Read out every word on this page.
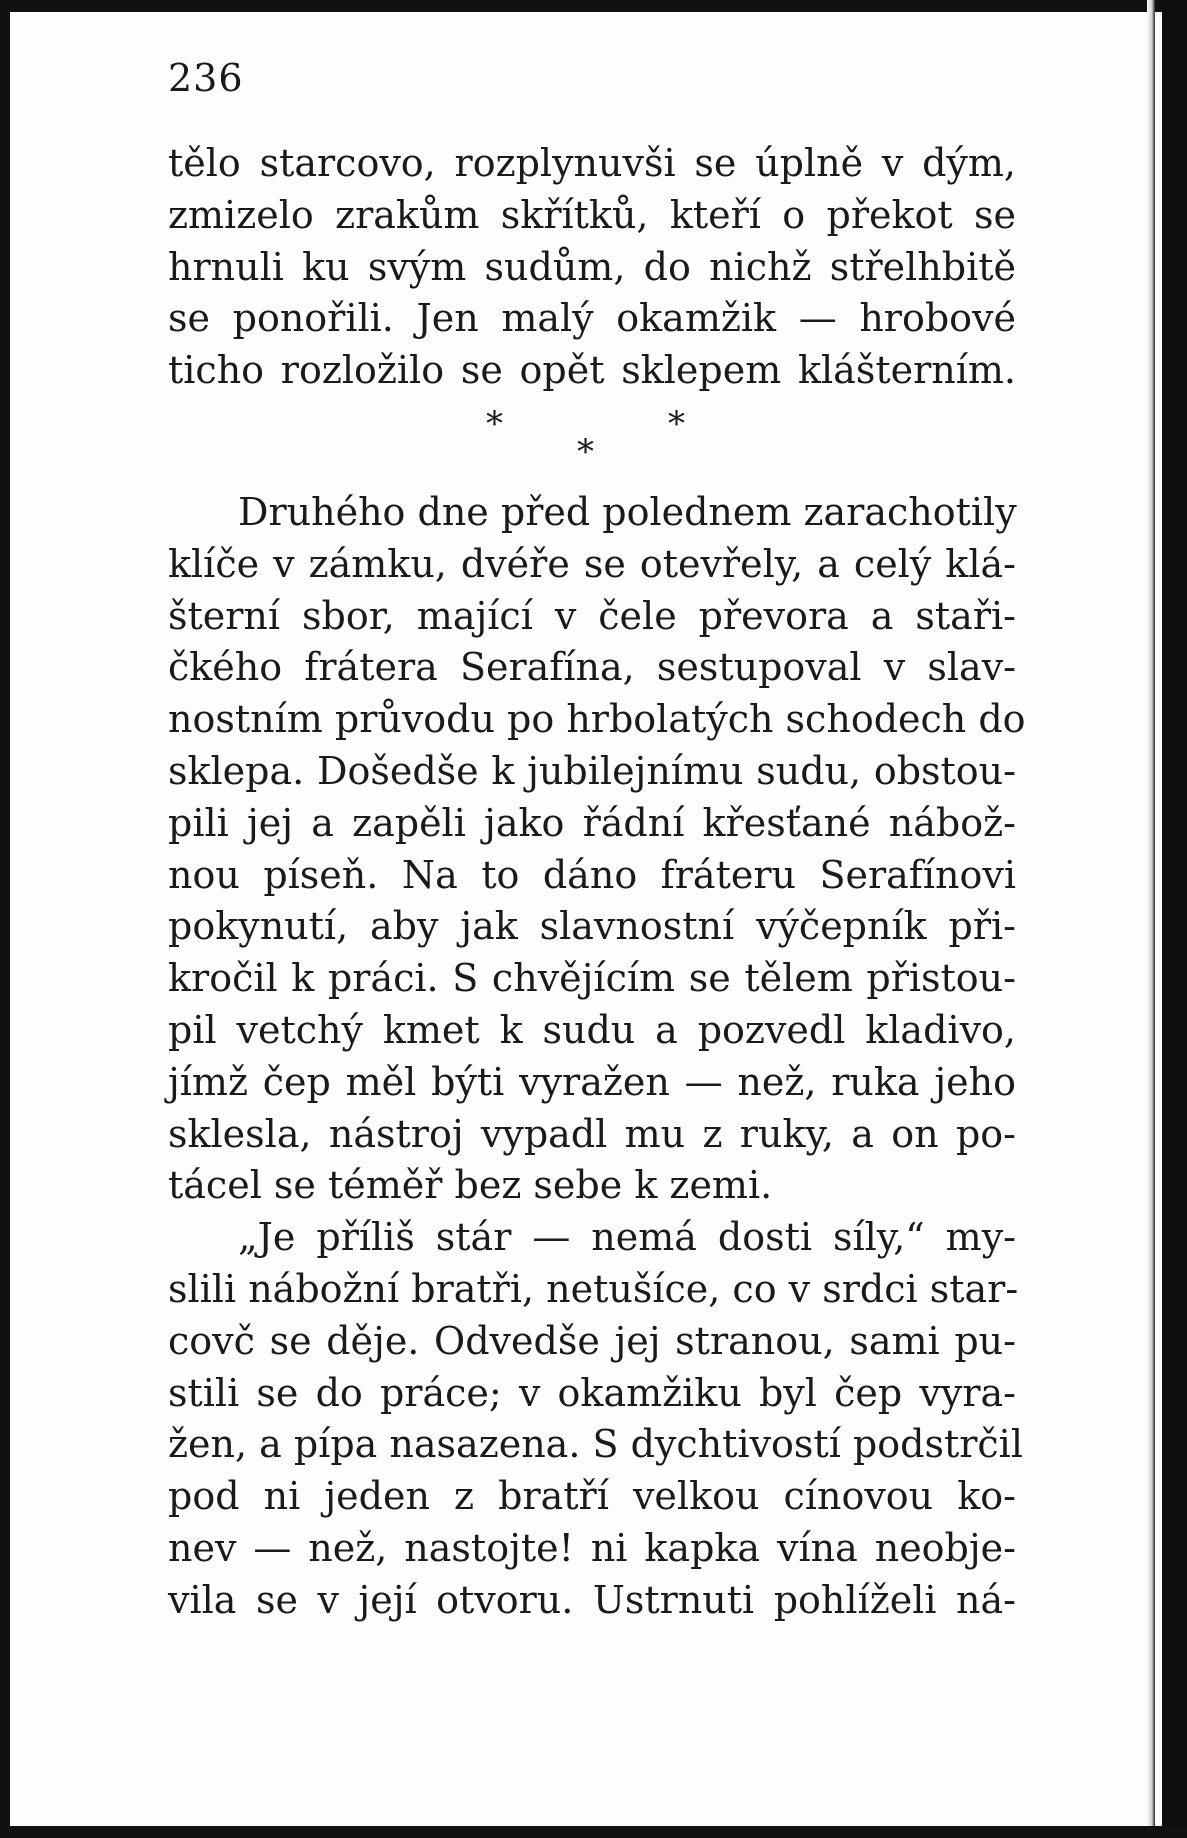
236
tělo starcovo, rozplynuvši se úplně v dým,
zmizelo zrakům skřítků, kteří o překot se
hrnuli ku svým sudům, do nichž střelhbitě
se ponořili. Jen malý okamžik — hrobové
ticho rozložilo se opět sklepem klášterním.
*	*
*
Druhého dne před polednem zarachotily
klíče v zámku, dvéře se otevřely, a celý klá-
šterní sbor, mající v čele převora a staři-
čkého frátera Serafína, sestupoval v slav-
nostním průvodu po hrbolatých schodech do
sklepa. Došedše k jubilejnímu sudu, obstou-
pili jej a zapěli jako řádní křesťané nábož-
nou píseň. Na to dáno fráteru Serafínovi
pokynutí, aby jak slavnostní výčepník při-
kročil k práci. S chvějícím se tělem přistou-
pil vetchý kmet k sudu a pozvedl kladivo,
jímž čep měl býti vyražen — než, ruka jeho
sklesla, nástroj vypadl mu z ruky, a on po-
tácel se téměř bez sebe k zemi.
„Je příliš stár — nemá dosti síly,“ my-
slili nábožní bratři, netušíce, co v srdci star-
covč se děje. Odvedše jej stranou, sami pu-
stili se do práce; v okamžiku byl čep vyra-
žen, a pípa nasazena. S dychtivostí podstrčil
pod ni jeden z bratří velkou cínovou ko-
nev — než, nastojte! ni kapka vína neobje-
vila se v její otvoru. Ustrnuti pohlíželi ná-
